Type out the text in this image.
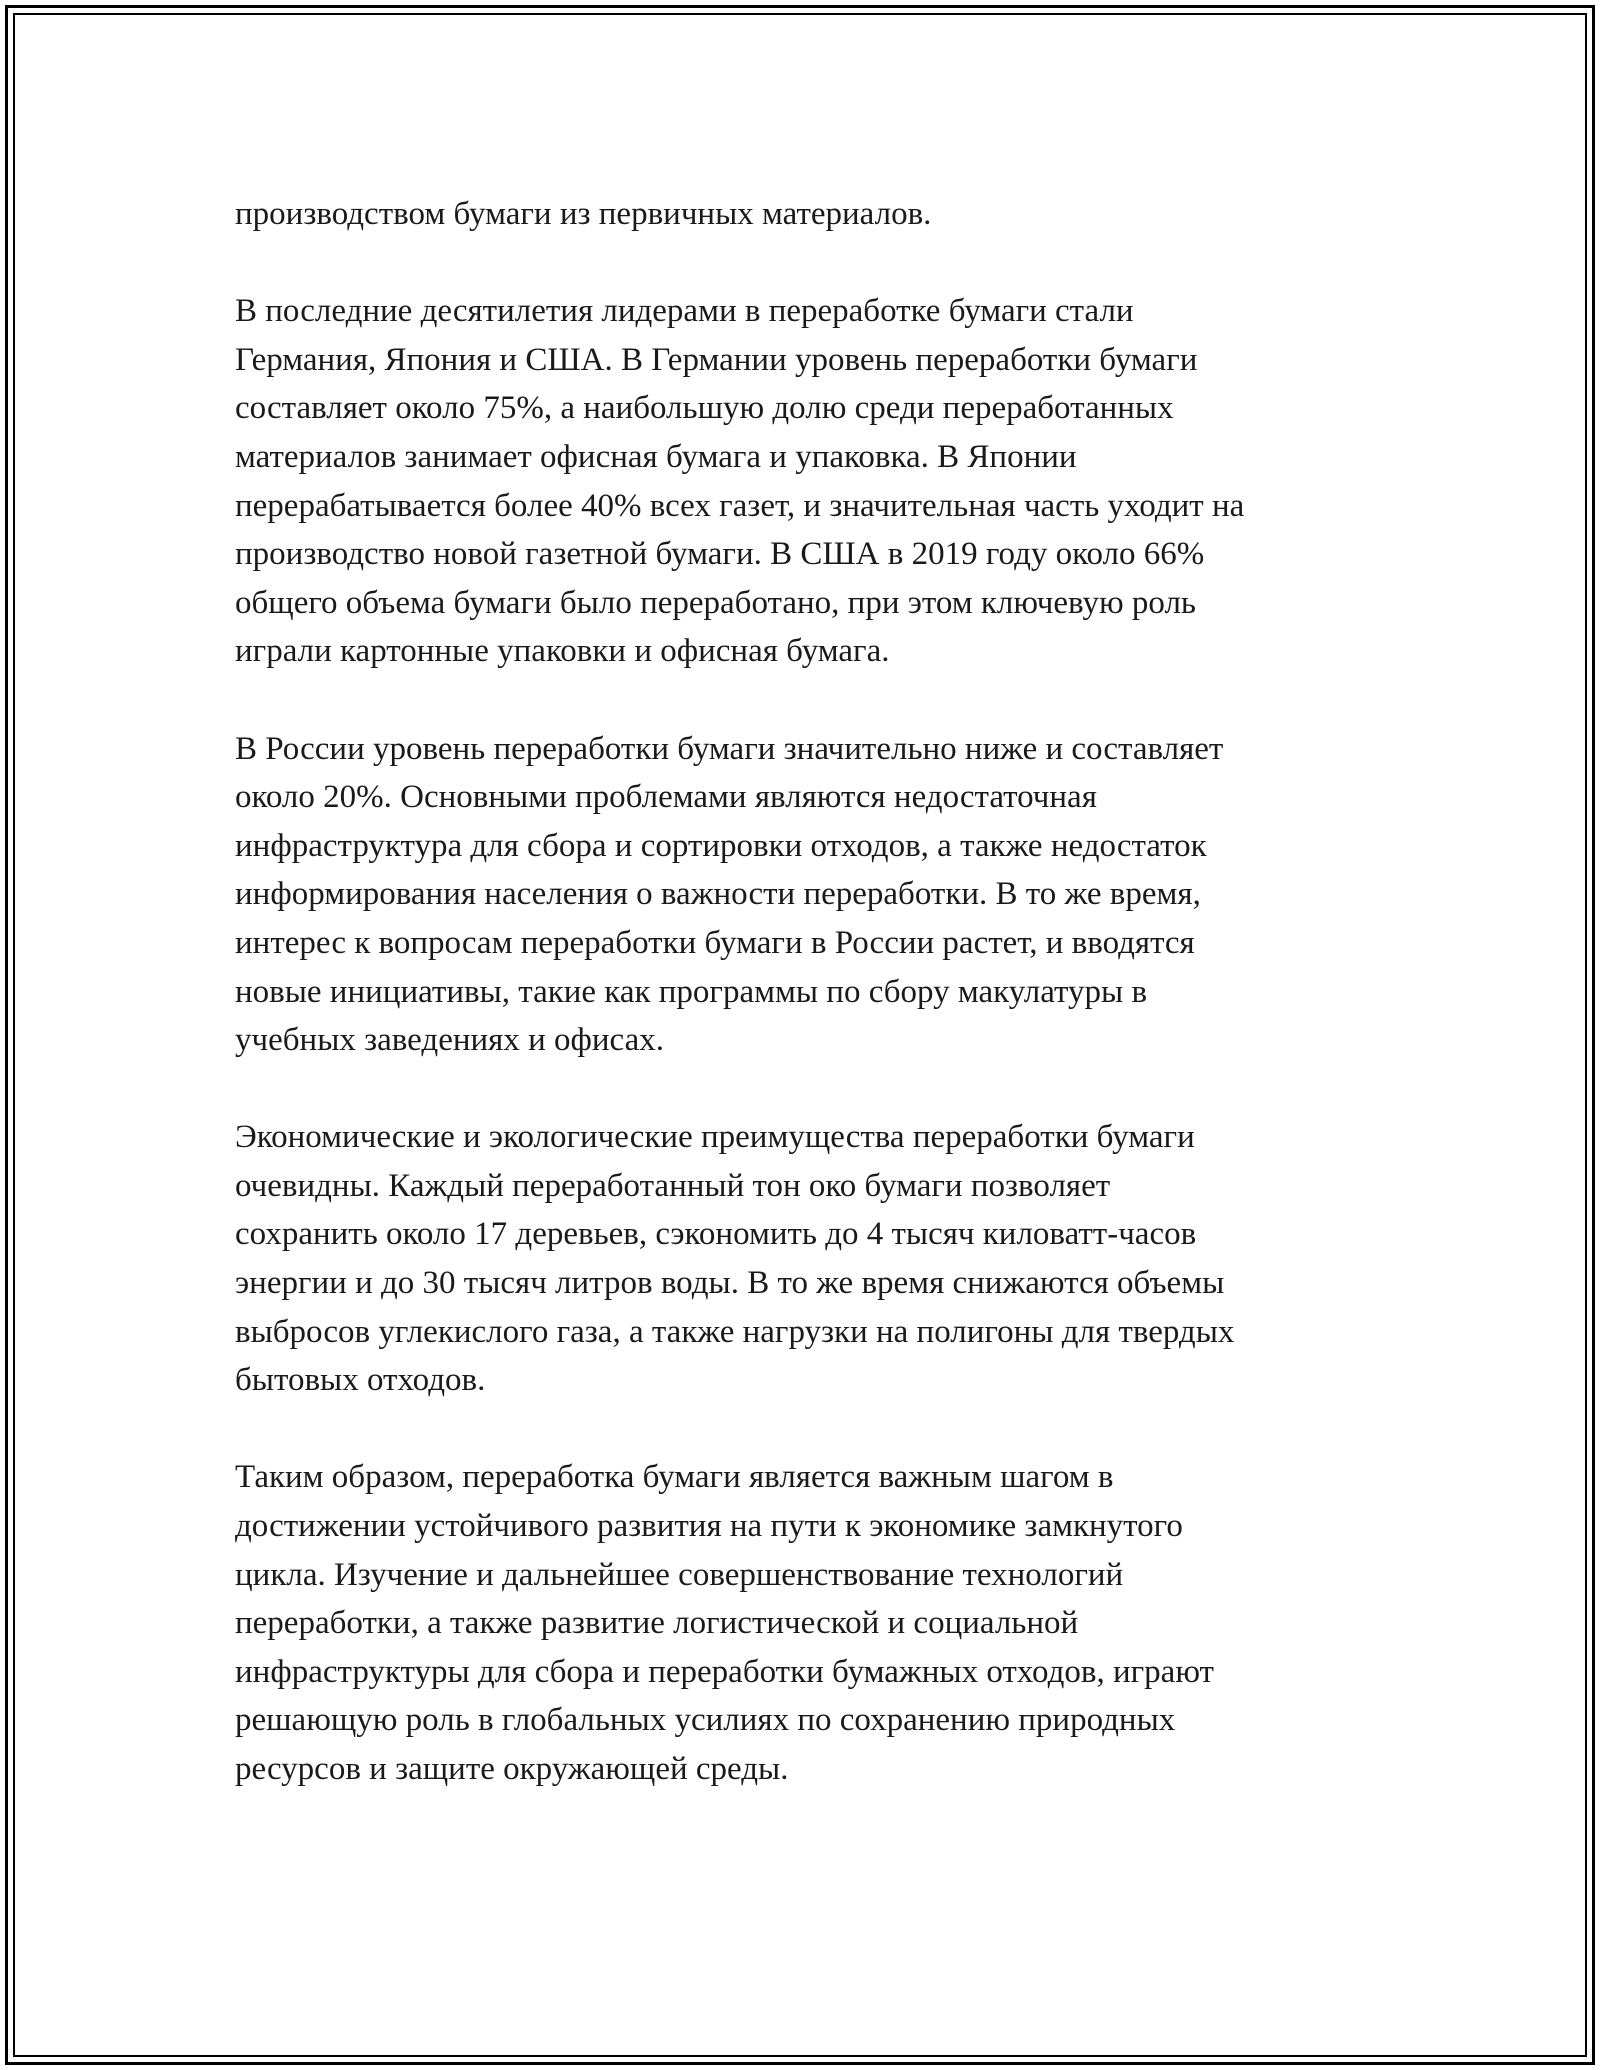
производством бумаги из первичных материалов.

В последние десятилетия лидерами в переработке бумаги стали
Германия, Япония и США. В Германии уровень переработки бумаги
составляет около 75%, а наибольшую долю среди переработанных
материалов занимает офисная бумага и упаковка. В Японии
перерабатывается более 40% всех газет, и значительная часть уходит на
производство новой газетной бумаги. В США в 2019 году около 66%
общего объема бумаги было переработано, при этом ключевую роль
играли картонные упаковки и офисная бумага.

В России уровень переработки бумаги значительно ниже и составляет
около 20%. Основными проблемами являются недостаточная
инфраструктура для сбора и сортировки отходов, а также недостаток
информирования населения о важности переработки. В то же время,
интерес к вопросам переработки бумаги в России растет, и вводятся
новые инициативы, такие как программы по сбору макулатуры в
учебных заведениях и офисах.

Экономические и экологические преимущества переработки бумаги
очевидны. Каждый переработанный тон око бумаги позволяет
сохранить около 17 деревьев, сэкономить до 4 тысяч киловатт-часов
энергии и до 30 тысяч литров воды. В то же время снижаются объемы
выбросов углекислого газа, а также нагрузки на полигоны для твердых
бытовых отходов.

Таким образом, переработка бумаги является важным шагом в
достижении устойчивого развития на пути к экономике замкнутого
цикла. Изучение и дальнейшее совершенствование технологий
переработки, а также развитие логистической и социальной
инфраструктуры для сбора и переработки бумажных отходов, играют
решающую роль в глобальных усилиях по сохранению природных
ресурсов и защите окружающей среды.
